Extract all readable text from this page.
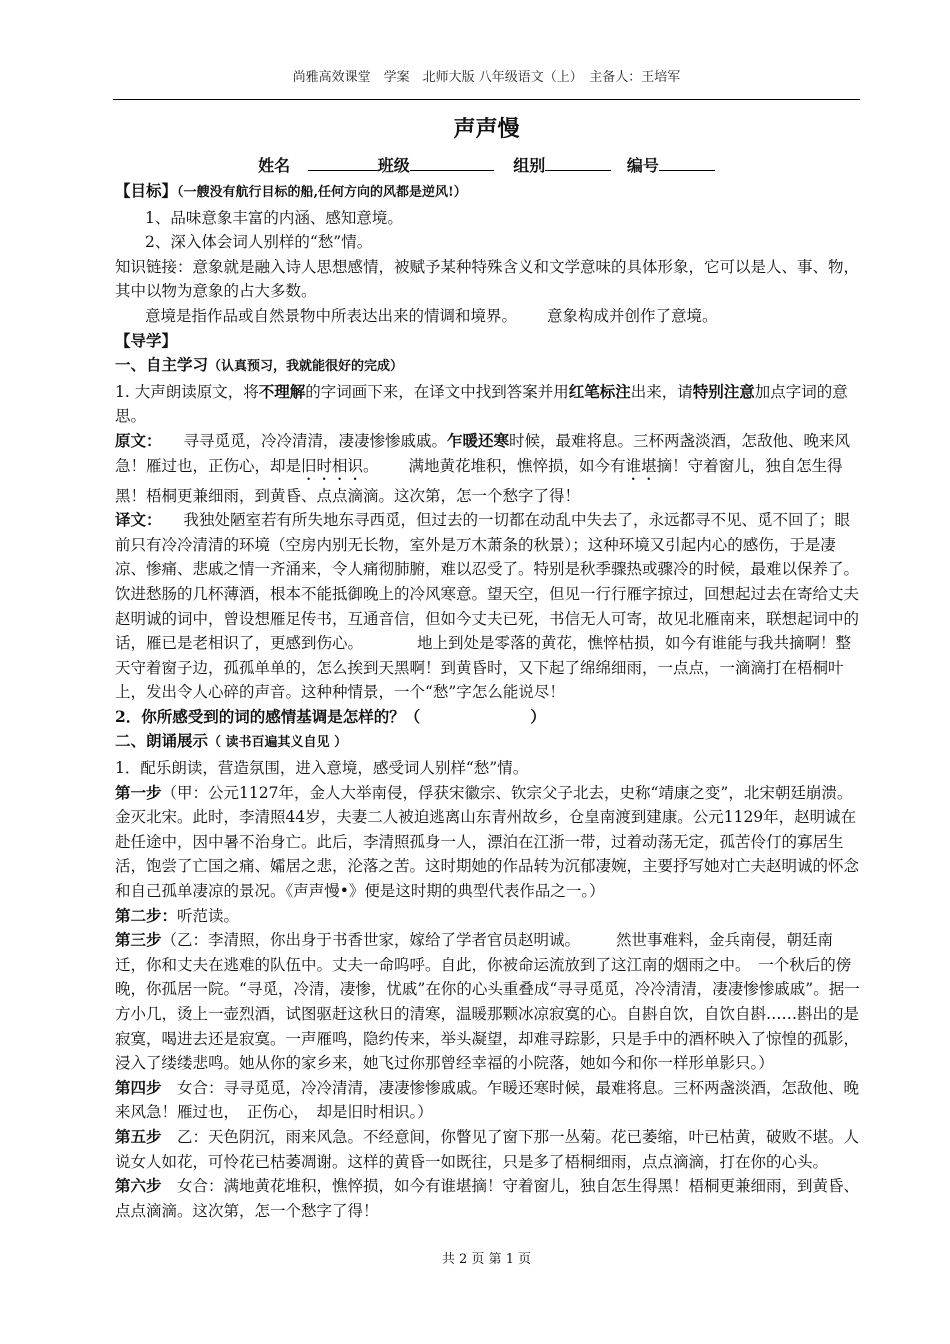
尚雅高效课堂　学案　北师大版 八年级语文（上）　主备人：王培军
声声慢
姓名	班级	组别	编号

【目标】（一艘没有航行目标的船,任何方向的风都是逆风!）

1、品味意象丰富的内涵、感知意境。

2、深入体会词人别样的“愁”情。

知识链接：意象就是融入诗人思想感情，被赋予某种特殊含义和文学意味的具体形象，它可以是人、事、物，其中以物为意象的占大多数。

意境是指作品或自然景物中所表达出来的情调和境界。 意象构成并创作了意境。

【导学】

一、自主学习（认真预习，我就能很好的完成）

1. 大声朗读原文，将不理解的字词画下来，在译文中找到答案并用红笔标注出来，请特别注意加点字词的意思。

原文： 寻寻觅觅，冷冷清清，凄凄惨惨戚戚。乍暖还寒时候，最难将息。三杯两盏淡酒，怎敌他、晚来风急！雁过也，正伤心，却是旧时相识。 满地黄花堆积，憔悴损，如今有谁堪摘！守着窗儿，独自怎生得黑！梧桐更兼细雨，到黄昏、点点滴滴。这次第，怎一个愁字了得！

译文： 我独处陋室若有所失地东寻西觅，但过去的一切都在动乱中失去了，永远都寻不见、觅不回了；眼前只有冷冷清清的环境（空房内别无长物，室外是万木萧条的秋景）；这种环境又引起内心的感伤，于是凄凉、惨痛、悲戚之情一齐涌来，令人痛彻肺腑，难以忍受了。特别是秋季骤热或骤冷的时候，最难以保养了。饮进愁肠的几杯薄酒，根本不能抵御晚上的冷风寒意。望天空，但见一行行雁字掠过，回想起过去在寄给丈夫赵明诚的词中，曾设想雁足传书，互通音信，但如今丈夫已死，书信无人可寄，故见北雁南来，联想起词中的话，雁已是老相识了，更感到伤心。	地上到处是零落的黄花，憔悴枯损，如今有谁能与我共摘啊！整天守着窗子边，孤孤单单的，怎么挨到天黑啊！到黄昏时，又下起了绵绵细雨，一点点，一滴滴打在梧桐叶上，发出令人心碎的声音。这种种情景，一个“愁”字怎么能说尽！

2．你所感受到的词的感情基调是怎样的？（	）

二、朗诵展示（ 读书百遍其义自见 ）

1．配乐朗读，营造氛围，进入意境，感受词人别样“愁”情。

第一步（甲：公元1127年，金人大举南侵，俘获宋徽宗、钦宗父子北去，史称“靖康之变”，北宋朝廷崩溃。金灭北宋。此时，李清照44岁，夫妻二人被迫逃离山东青州故乡，仓皇南渡到建康。公元1129年，赵明诚在赴任途中，因中暑不治身亡。此后，李清照孤身一人，漂泊在江浙一带，过着动荡无定，孤苦伶仃的寡居生活，饱尝了亡国之痛、孀居之悲，沦落之苦。这时期她的作品转为沉郁凄婉，主要抒写她对亡夫赵明诚的怀念和自己孤单凄凉的景况。《声声慢•》便是这时期的典型代表作品之一。）

第二步：听范读。

第三步（乙：李清照，你出身于书香世家，嫁给了学者官员赵明诚。 然世事难料，金兵南侵，朝廷南迁，你和丈夫在逃难的队伍中。丈夫一命呜呼。自此，你被命运流放到了这江南的烟雨之中。　一个秋后的傍晚，你孤居一院。“寻觅，冷清，凄惨，忧戚”在你的心头重叠成“寻寻觅觅，冷冷清清，凄凄惨惨戚戚”。据一方小几，烫上一壶烈酒，试图驱赶这秋日的清寒，温暖那颗冰凉寂寞的心。自斟自饮，自饮自斟……斟出的是寂寞，喝进去还是寂寞。一声雁鸣，隐约传来，举头凝望，却难寻踪影，只是手中的酒杯映入了惊惶的孤影，浸入了缕缕悲鸣。她从你的家乡来，她飞过你那曾经幸福的小院落，她如今和你一样形单影只。）

第四步　女合：寻寻觅觅，冷冷清清，凄凄惨惨戚戚。乍暖还寒时候，最难将息。三杯两盏淡酒，怎敌他、晚来风急！雁过也，　正伤心，　却是旧时相识。）

第五步　乙：天色阴沉，雨来风急。不经意间，你瞥见了窗下那一丛菊。花已萎缩，叶已枯黄，破败不堪。人说女人如花，可怜花已枯萎凋谢。这样的黄昏一如既往，只是多了梧桐细雨，点点滴滴，打在你的心头。

第六步　女合：满地黄花堆积，憔悴损，如今有谁堪摘！守着窗儿，独自怎生得黑！梧桐更兼细雨，到黄昏、点点滴滴。这次第，怎一个愁字了得！

共 2 页 第 1 页
